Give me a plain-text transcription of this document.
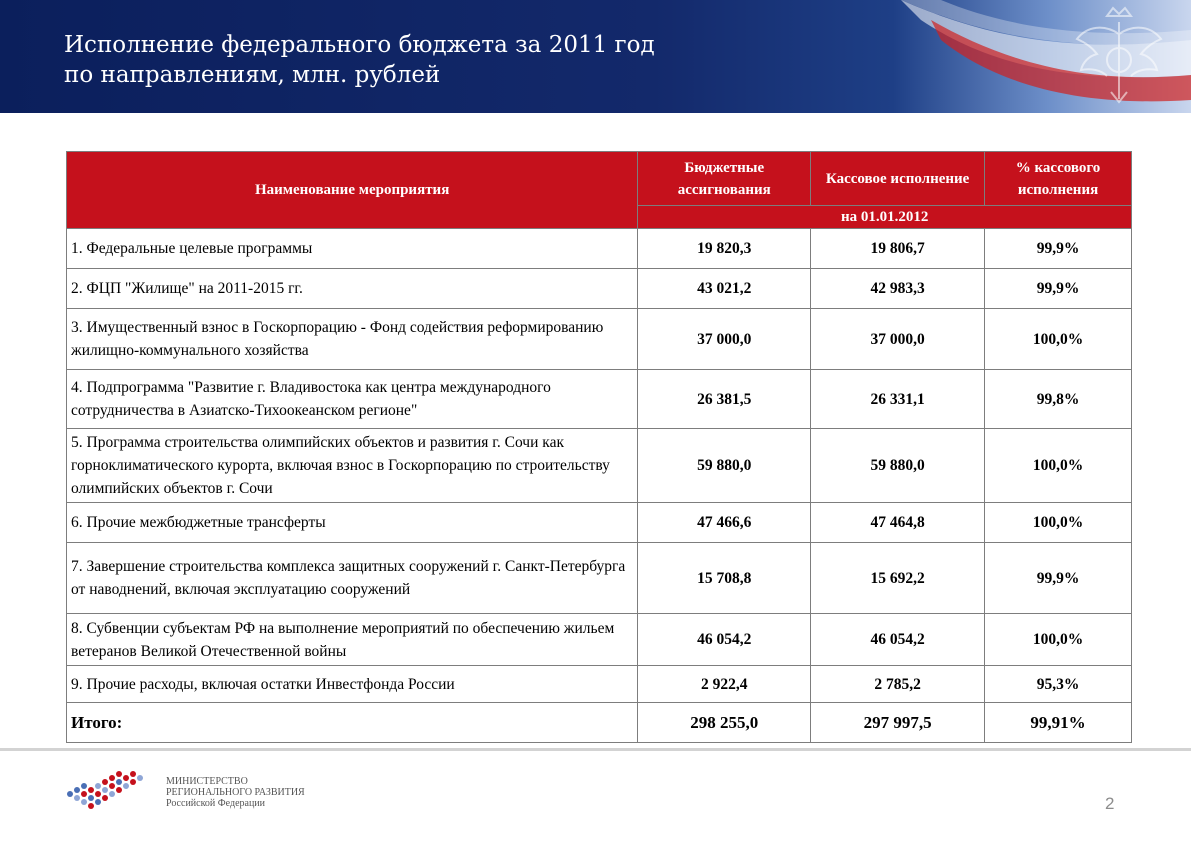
Исполнение федерального бюджета за 2011 год
по направлениям, млн. рублей
Наименование мероприятия	Бюджетные ассигнования	Кассовое исполнение	% кассового исполнения
	на 01.01.2012		
1. Федеральные целевые программы	19 820,3	19 806,7	99,9%
2. ФЦП "Жилище" на 2011-2015 гг.	43 021,2	42 983,3	99,9%
3. Имущественный взнос в Госкорпорацию - Фонд содействия реформированию жилищно-коммунального хозяйства	37 000,0	37 000,0	100,0%
4. Подпрограмма "Развитие г. Владивостока как центра международного сотрудничества в Азиатско-Тихоокеанском регионе"	26 381,5	26 331,1	99,8%
5. Программа строительства олимпийских объектов и развития г. Сочи как горноклиматического курорта, включая взнос в Госкорпорацию по строительству олимпийских объектов г. Сочи	59 880,0	59 880,0	100,0%
6. Прочие межбюджетные трансферты	47 466,6	47 464,8	100,0%
7. Завершение строительства комплекса защитных сооружений г. Санкт-Петербурга от наводнений, включая эксплуатацию сооружений	15 708,8	15 692,2	99,9%
8. Субвенции субъектам РФ на выполнение мероприятий по обеспечению жильем ветеранов Великой Отечественной войны	46 054,2	46 054,2	100,0%
9. Прочие расходы, включая остатки Инвестфонда России	2 922,4	2 785,2	95,3%
Итого:	298 255,0	297 997,5	99,91%
МИНИСТЕРСТВО
РЕГИОНАЛЬНОГО РАЗВИТИЯ
Российской Федерации	2
